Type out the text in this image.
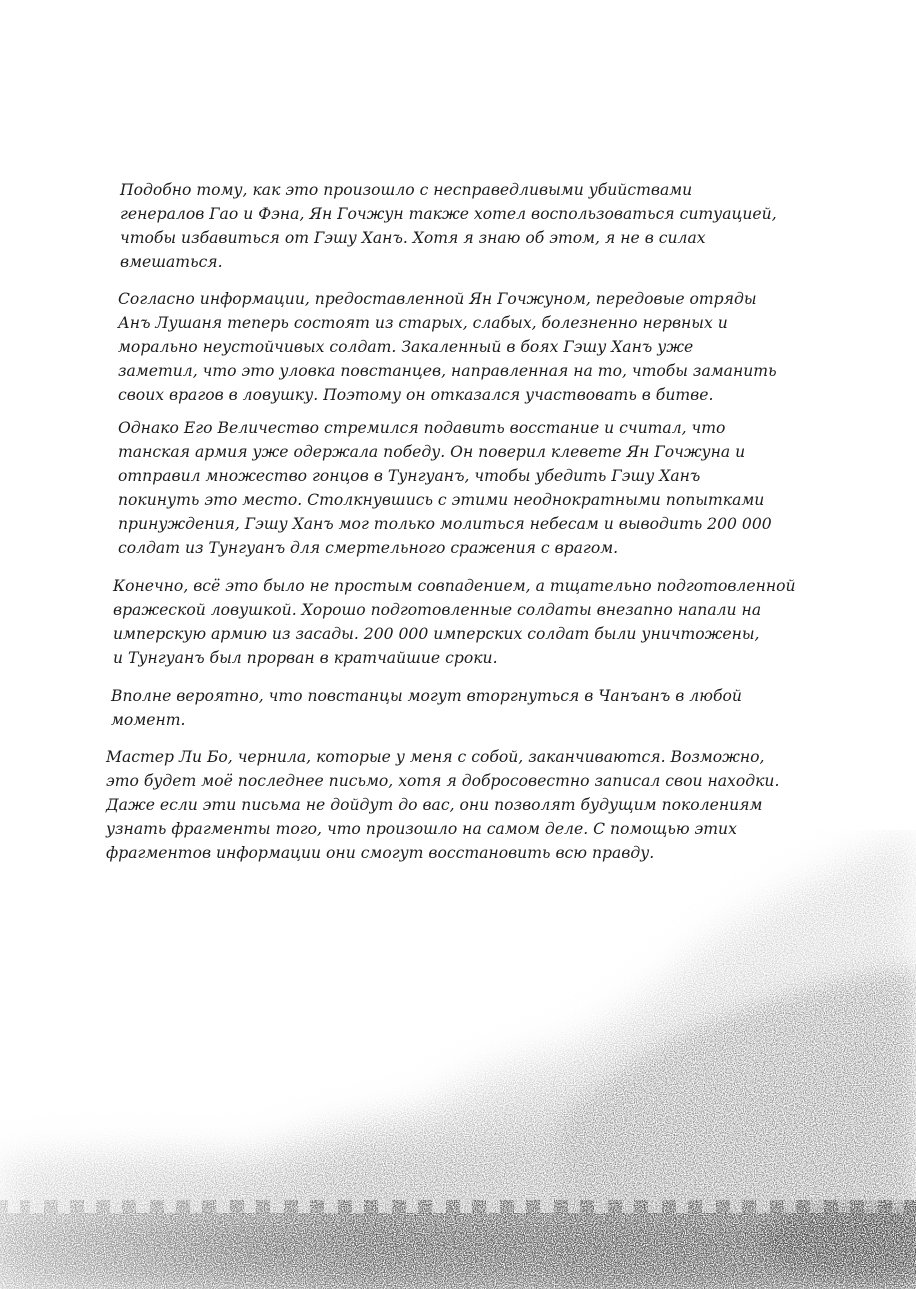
Подобно тому, как это произошло с несправедливыми убийствами
генералов Гао и Фэна, Ян Гочжун также хотел воспользоваться ситуацией,
чтобы избавиться от Гэшу Ханъ. Хотя я знаю об этом, я не в силах
вмешаться.
Согласно информации, предоставленной Ян Гочжуном, передовые отряды
Анъ Лушаня теперь состоят из старых, слабых, болезненно нервных и
морально неустойчивых солдат. Закаленный в боях Гэшу Ханъ уже
заметил, что это уловка повстанцев, направленная на то, чтобы заманить
своих врагов в ловушку. Поэтому он отказался участвовать в битве.
Однако Его Величество стремился подавить восстание и считал, что
танская армия уже одержала победу. Он поверил клевете Ян Гочжуна и
отправил множество гонцов в Тунгуанъ, чтобы убедить Гэшу Ханъ
покинуть это место. Столкнувшись с этими неоднократными попытками
принуждения, Гэшу Ханъ мог только молиться небесам и выводить 200 000
солдат из Тунгуанъ для смертельного сражения с врагом.
Конечно, всё это было не простым совпадением, а тщательно подготовленной
вражеской ловушкой. Хорошо подготовленные солдаты внезапно напали на
имперскую армию из засады. 200 000 имперских солдат были уничтожены,
и Тунгуанъ был прорван в кратчайшие сроки.
Вполне вероятно, что повстанцы могут вторгнуться в Чанъанъ в любой
момент.
Мастер Ли Бо, чернила, которые у меня с собой, заканчиваются. Возможно,
это будет моё последнее письмо, хотя я добросовестно записал свои находки.
Даже если эти письма не дойдут до вас, они позволят будущим поколениям
узнать фрагменты того, что произошло на самом деле. С помощью этих
фрагментов информации они смогут восстановить всю правду.
